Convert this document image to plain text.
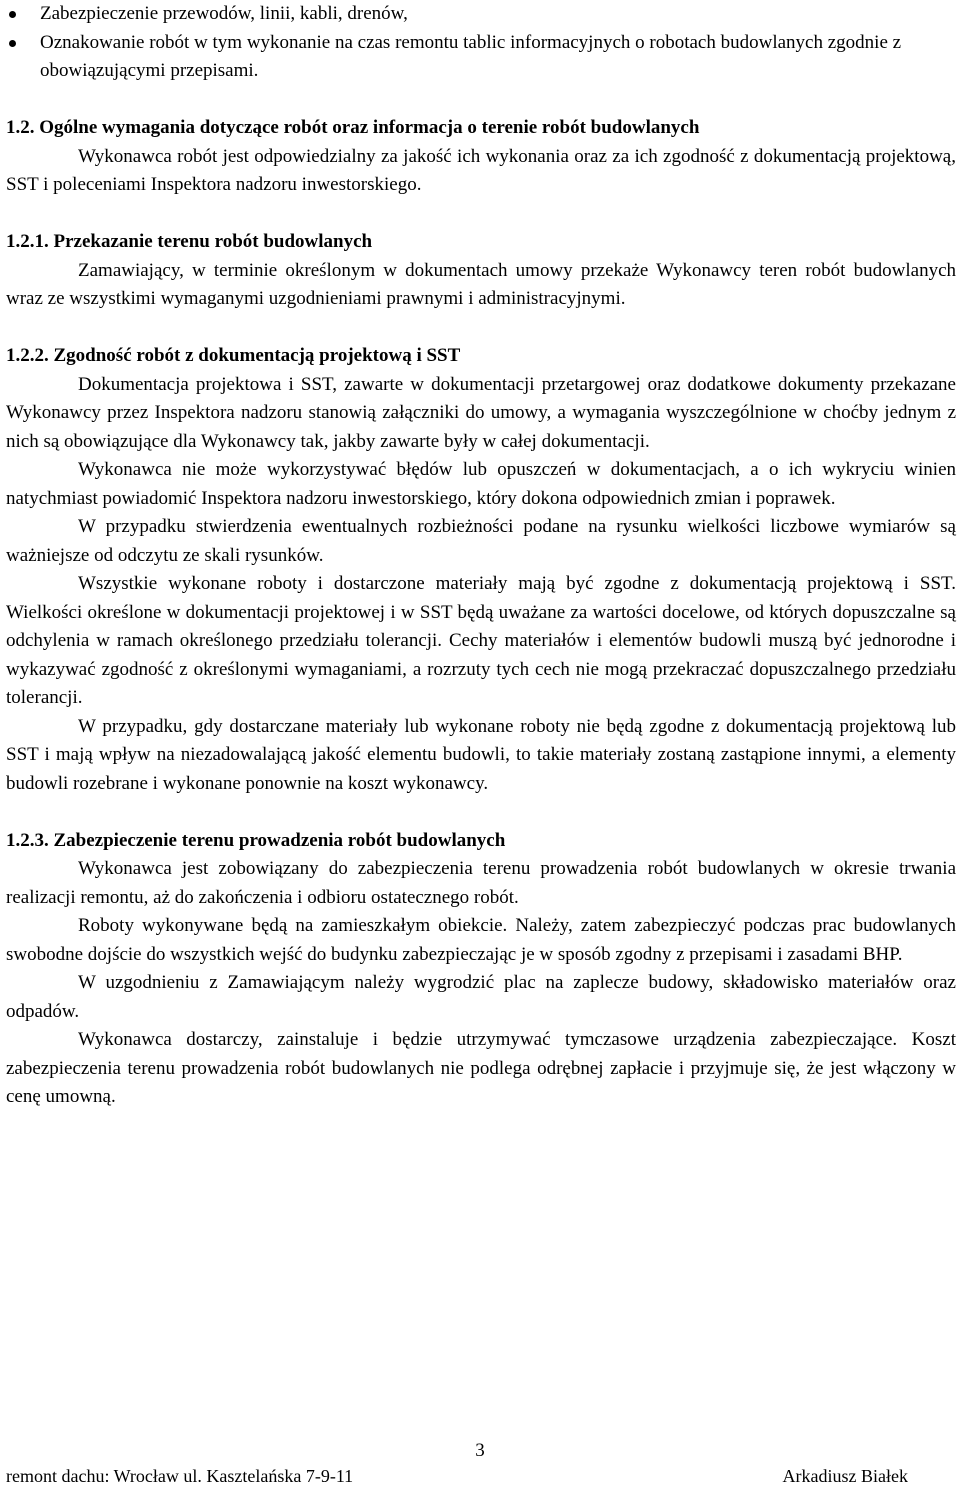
Zabezpieczenie przewodów, linii, kabli, drenów,
Oznakowanie robót w tym wykonanie na czas remontu tablic informacyjnych o robotach budowlanych zgodnie z obowiązującymi przepisami.

1.2. Ogólne wymagania dotyczące robót oraz informacja o terenie robót budowlanych

Wykonawca robót jest odpowiedzialny za jakość ich wykonania oraz za ich zgodność z dokumentacją projektową, SST i poleceniami Inspektora nadzoru inwestorskiego.

1.2.1. Przekazanie terenu robót budowlanych

Zamawiający, w terminie określonym w dokumentach umowy przekaże Wykonawcy teren robót budowlanych wraz ze wszystkimi wymaganymi uzgodnieniami prawnymi i administracyjnymi.

1.2.2. Zgodność robót z dokumentacją projektową i SST

Dokumentacja projektowa i SST, zawarte w dokumentacji przetargowej oraz dodatkowe dokumenty przekazane Wykonawcy przez Inspektora nadzoru stanowią załączniki do umowy, a wymagania wyszczególnione w choćby jednym z nich są obowiązujące dla Wykonawcy tak, jakby zawarte były w całej dokumentacji.

Wykonawca nie może wykorzystywać błędów lub opuszczeń w dokumentacjach, a o ich wykryciu winien natychmiast powiadomić Inspektora nadzoru inwestorskiego, który dokona odpowiednich zmian i poprawek.

W przypadku stwierdzenia ewentualnych rozbieżności podane na rysunku wielkości liczbowe wymiarów są ważniejsze od odczytu ze skali rysunków.

Wszystkie wykonane roboty i dostarczone materiały mają być zgodne z dokumentacją projektową i SST. Wielkości określone w dokumentacji projektowej i w SST będą uważane za wartości docelowe, od których dopuszczalne są odchylenia w ramach określonego przedziału tolerancji. Cechy materiałów i elementów budowli muszą być jednorodne i wykazywać zgodność z określonymi wymaganiami, a rozrzuty tych cech nie mogą przekraczać dopuszczalnego przedziału tolerancji.

W przypadku, gdy dostarczane materiały lub wykonane roboty nie będą zgodne z dokumentacją projektową lub SST i mają wpływ na niezadowalającą jakość elementu budowli, to takie materiały zostaną zastąpione innymi, a elementy budowli rozebrane i wykonane ponownie na koszt wykonawcy.

1.2.3. Zabezpieczenie terenu prowadzenia robót budowlanych

Wykonawca jest zobowiązany do zabezpieczenia terenu prowadzenia robót budowlanych w okresie trwania realizacji remontu, aż do zakończenia i odbioru ostatecznego robót.

Roboty wykonywane będą na zamieszkałym obiekcie. Należy, zatem zabezpieczyć podczas prac budowlanych swobodne dojście do wszystkich wejść do budynku zabezpieczając je w sposób zgodny z przepisami i zasadami BHP.

W uzgodnieniu z Zamawiającym należy wygrodzić plac na zaplecze budowy, składowisko materiałów oraz odpadów.

Wykonawca dostarczy, zainstaluje i będzie utrzymywać tymczasowe urządzenia zabezpieczające. Koszt zabezpieczenia terenu prowadzenia robót budowlanych nie podlega odrębnej zapłacie i przyjmuje się, że jest włączony w cenę umowną.

3
remont dachu: Wrocław ul. Kasztelańska 7-9-11	Arkadiusz Białek
